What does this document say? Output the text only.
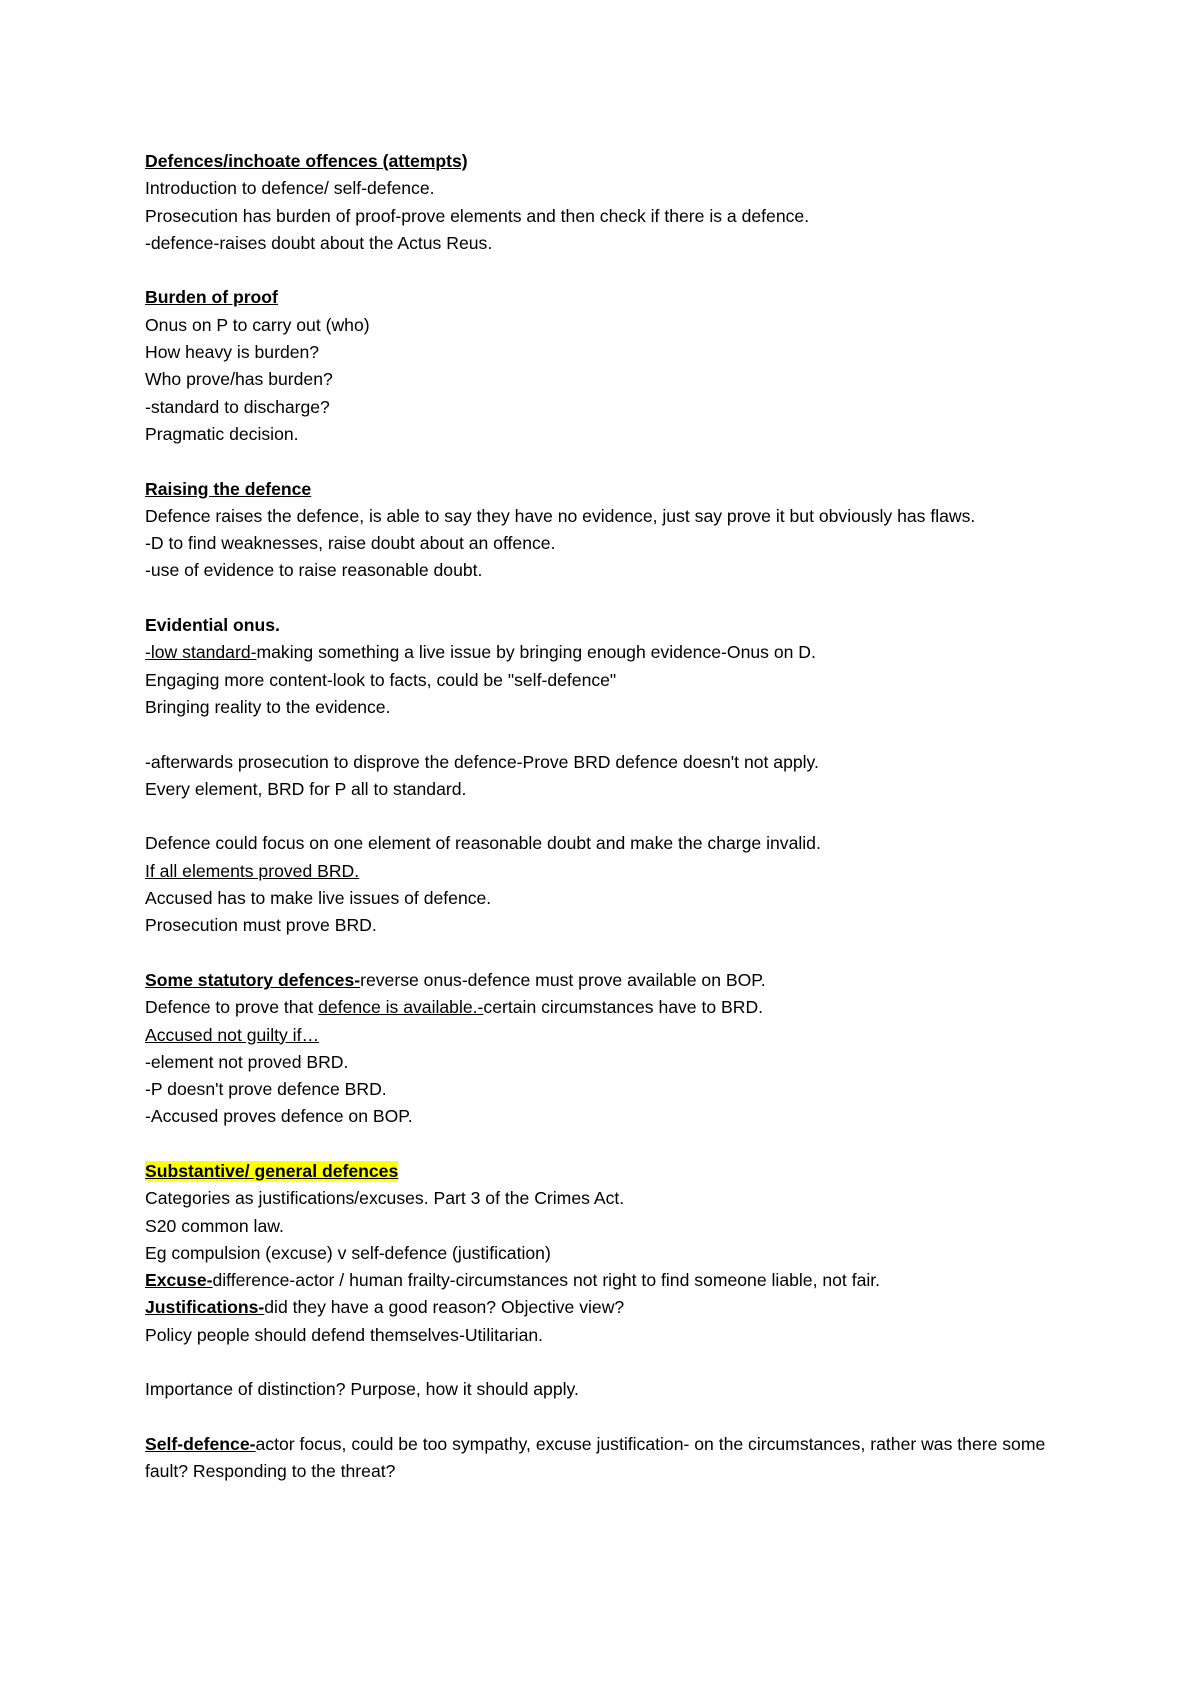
Defences/inchoate offences (attempts)
Introduction to defence/ self-defence.
Prosecution has burden of proof-prove elements and then check if there is a defence.
-defence-raises doubt about the Actus Reus.
Burden of proof
Onus on P to carry out (who)
How heavy is burden?
Who prove/has burden?
-standard to discharge?
Pragmatic decision.
Raising the defence
Defence raises the defence, is able to say they have no evidence, just say prove it but obviously has flaws.
-D to find weaknesses, raise doubt about an offence.
-use of evidence to raise reasonable doubt.
Evidential onus.
-low standard-making something a live issue by bringing enough evidence-Onus on D.
Engaging more content-look to facts, could be "self-defence"
Bringing reality to the evidence.
-afterwards prosecution to disprove the defence-Prove BRD defence doesn't not apply.
Every element, BRD for P all to standard.
Defence could focus on one element of reasonable doubt and make the charge invalid.
If all elements proved BRD.
Accused has to make live issues of defence.
Prosecution must prove BRD.
Some statutory defences-reverse onus-defence must prove available on BOP.
Defence to prove that defence is available.-certain circumstances have to BRD.
Accused not guilty if…
-element not proved BRD.
-P doesn't prove defence BRD.
-Accused proves defence on BOP.
Substantive/ general defences
Categories as justifications/excuses. Part 3 of the Crimes Act.
S20 common law.
Eg compulsion (excuse) v self-defence (justification)
Excuse-difference-actor / human frailty-circumstances not right to find someone liable, not fair.
Justifications-did they have a good reason? Objective view?
Policy people should defend themselves-Utilitarian.
Importance of distinction? Purpose, how it should apply.
Self-defence-actor focus, could be too sympathy, excuse justification- on the circumstances, rather was there some fault? Responding to the threat?
